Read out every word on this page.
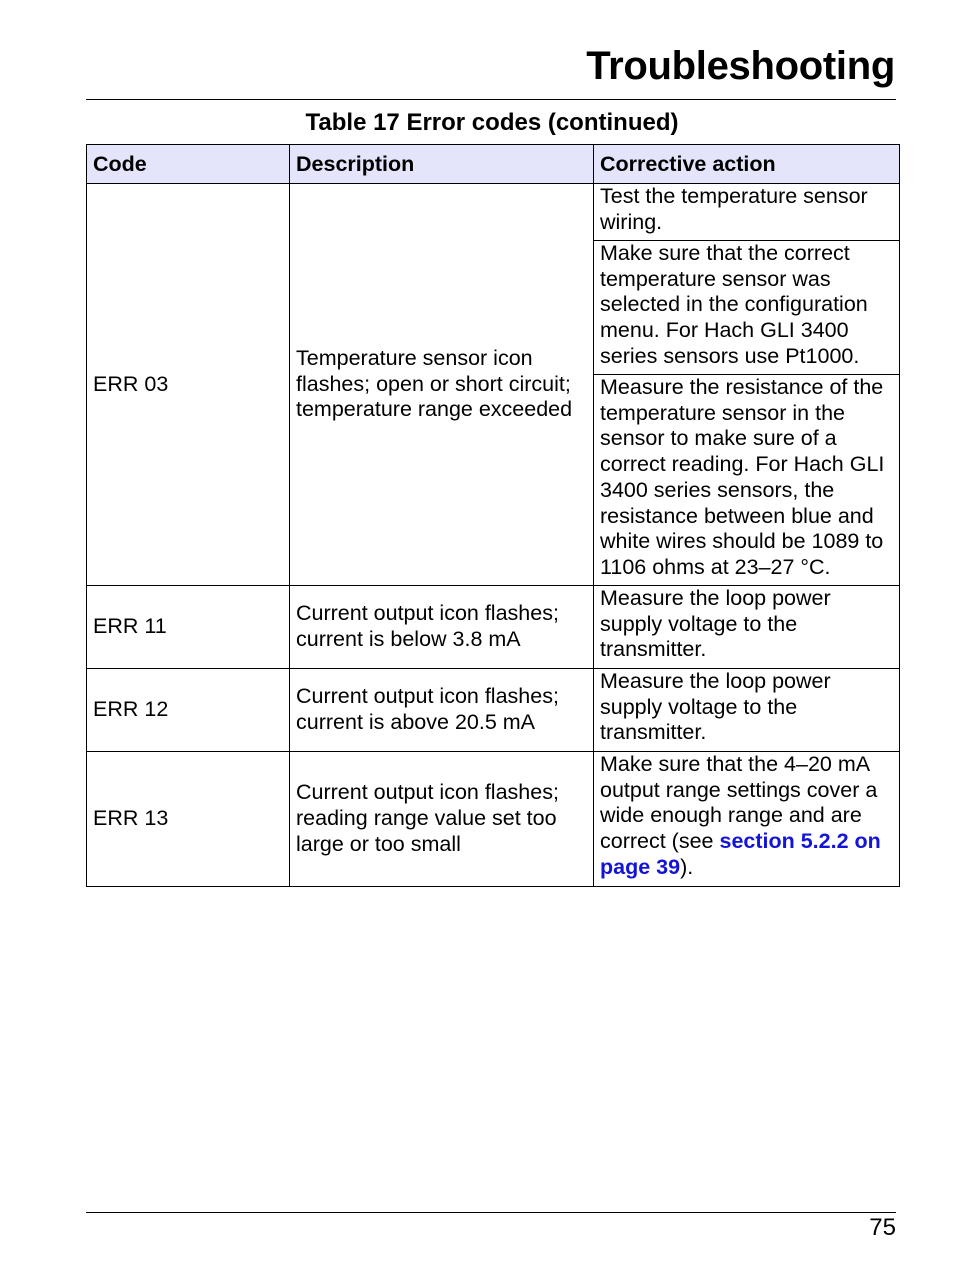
Troubleshooting
Table 17 Error codes (continued)
Code	Description	Corrective action
ERR 03	Temperature sensor icon flashes; open or short circuit; temperature range exceeded	Test the temperature sensor wiring.
		Make sure that the correct temperature sensor was selected in the configuration menu. For Hach GLI 3400 series sensors use Pt1000.
		Measure the resistance of the temperature sensor in the sensor to make sure of a correct reading. For Hach GLI 3400 series sensors, the resistance between blue and white wires should be 1089 to 1106 ohms at 23–27 °C.
ERR 11	Current output icon flashes; current is below 3.8 mA	Measure the loop power supply voltage to the transmitter.
ERR 12	Current output icon flashes; current is above 20.5 mA	Measure the loop power supply voltage to the transmitter.
ERR 13	Current output icon flashes; reading range value set too large or too small	Make sure that the 4–20 mA output range settings cover a wide enough range and are correct (see section 5.2.2 on page 39).
75
